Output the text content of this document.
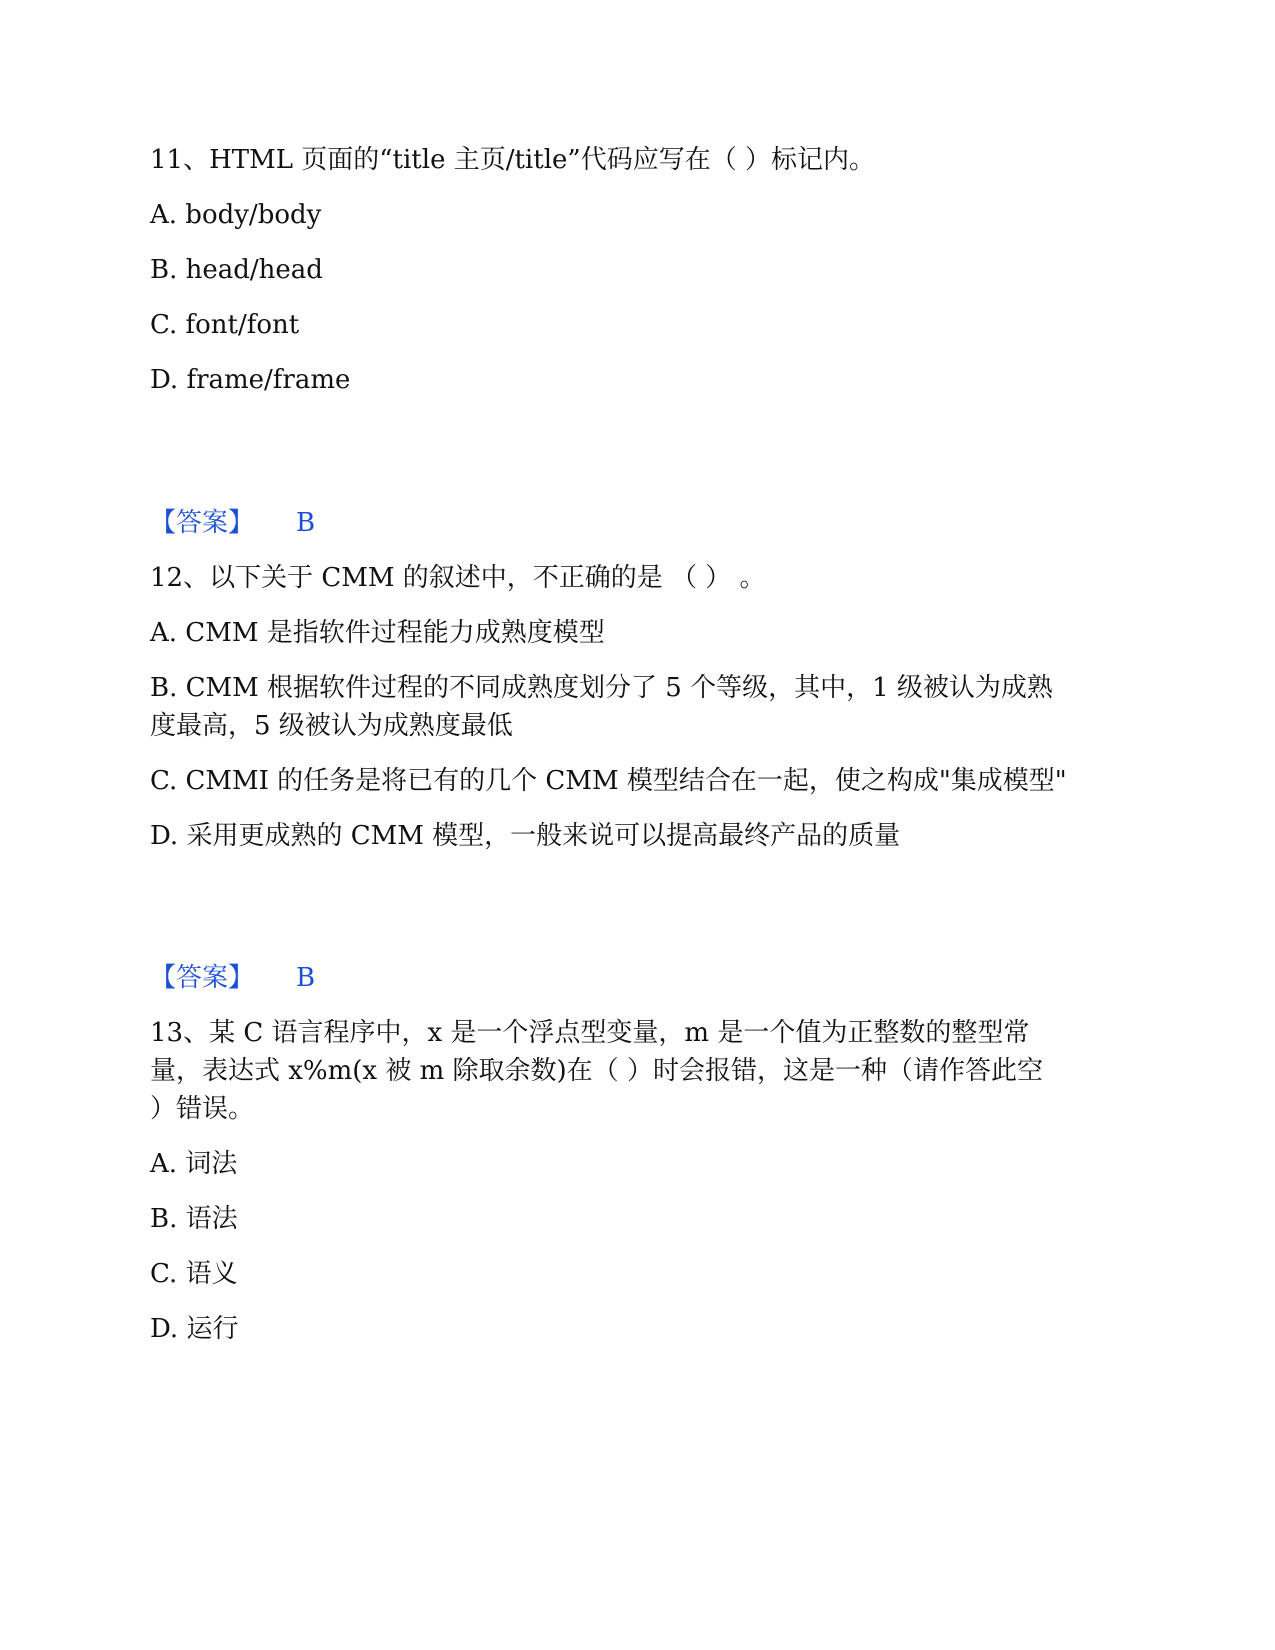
11、HTML 页面的“title 主页/title”代码应写在（ ）标记内。

A. body/body

B. head/head

C. font/font

D. frame/frame

【答案】 B

12、以下关于 CMM 的叙述中，不正确的是 （ ） 。

A. CMM 是指软件过程能力成熟度模型

B. CMM 根据软件过程的不同成熟度划分了 5 个等级，其中，1 级被认为成熟

度最高，5 级被认为成熟度最低

C. CMMI 的任务是将已有的几个 CMM 模型结合在一起，使之构成"集成模型"

D. 采用更成熟的 CMM 模型，一般来说可以提高最终产品的质量

【答案】 B

13、某 C 语言程序中，x 是一个浮点型变量，m 是一个值为正整数的整型常

量，表达式 x%m(x 被 m 除取余数)在（ ）时会报错，这是一种（请作答此空

）错误。

A. 词法

B. 语法

C. 语义

D. 运行
